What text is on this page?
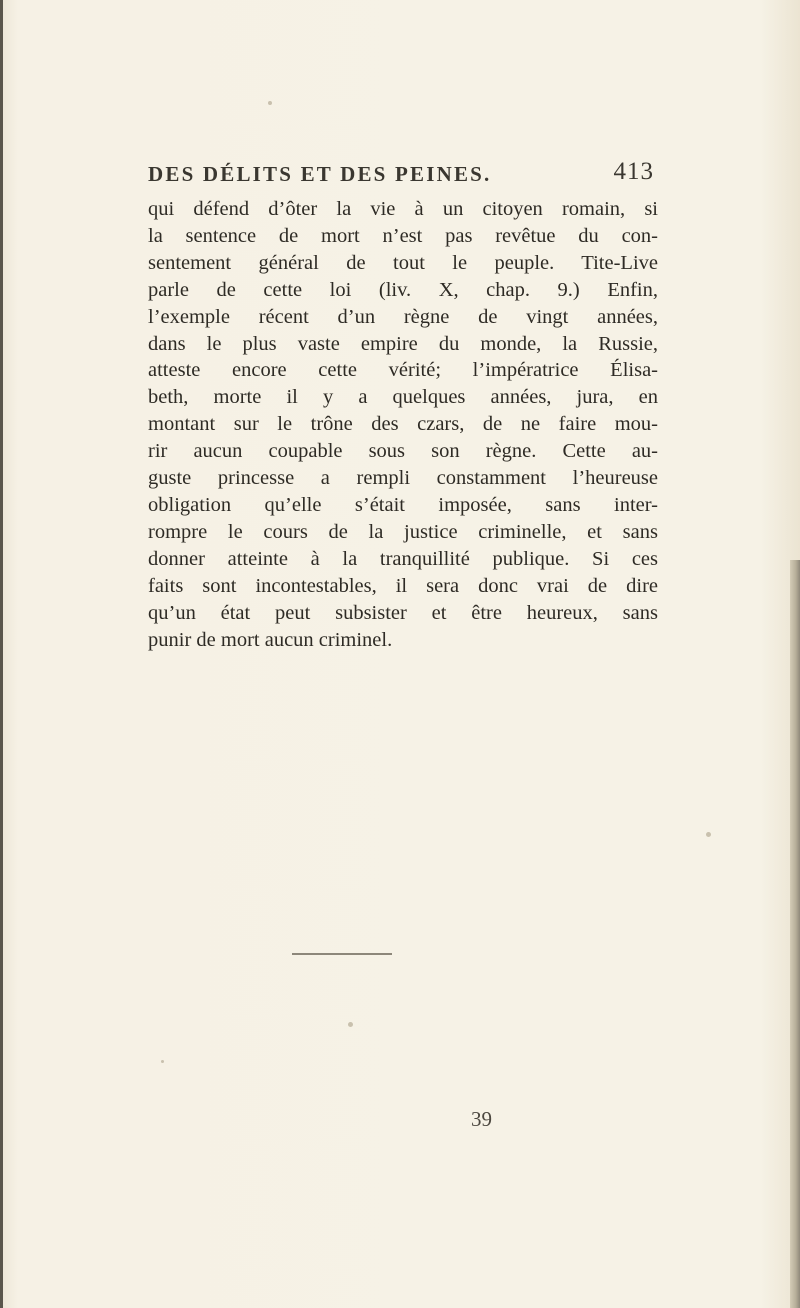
DES DÉLITS ET DES PEINES.	413
qui défend d’ôter la vie à un citoyen romain, si
la sentence de mort n’est pas revêtue du con-
sentement général de tout le peuple. Tite-Live
parle de cette loi (liv. X, chap. 9.) Enfin,
l’exemple récent d’un règne de vingt années,
dans le plus vaste empire du monde, la Russie,
atteste encore cette vérité; l’impératrice Élisa-
beth, morte il y a quelques années, jura, en
montant sur le trône des czars, de ne faire mou-
rir aucun coupable sous son règne. Cette au-
guste princesse a rempli constamment l’heureuse
obligation qu’elle s’était imposée, sans inter-
rompre le cours de la justice criminelle, et sans
donner atteinte à la tranquillité publique. Si ces
faits sont incontestables, il sera donc vrai de dire
qu’un état peut subsister et être heureux, sans
punir de mort aucun criminel.
39
